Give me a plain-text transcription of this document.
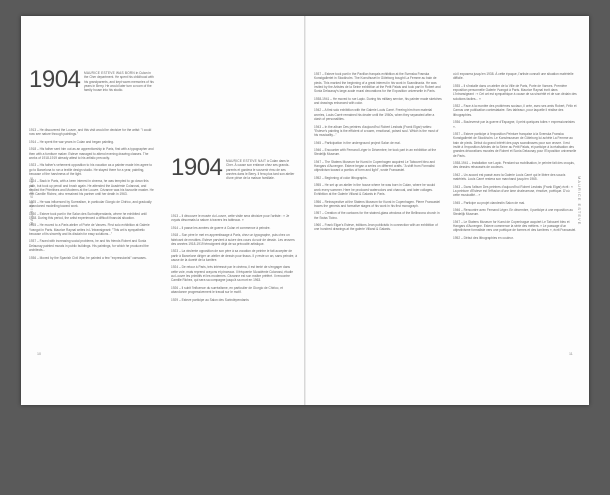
MAURICE ESTEVE
10
1904 MAURICE ESTEVE WAS BORN in Culan in the Cher department. He spent his childhood with his grandparents, and kept warm memories of his years in Berry. He would later turn a room of the family house into his studio.
1913 – He discovered the Louvre, and this visit would be decisive for the artist: "I could now see nature through paintings."
1914 – He spent the war years in Culan and began painting.
1918 – His father sent him out as an apprenticeship in Paris, first with a typographer and then with a furniture maker. Esteve managed to attend evening drawing classes. The works of 1918-1919 already attest to his artistic precocity.
1923 – His father's vehement opposition to his vocation as a painter made him agree to go to Barcelona to run a textile design studio. He stayed there for a year, painting, because of the harshness of the light.
1924 – Back in Paris, with a keen interest in cinema, he was tempted to go down this path, but took up pencil and brush again. He attended the Académie Colarossi, and studied the Primitives and Moderns at the Louvre. Cézanne was his favourite master. He met Camille Richez, who remained his partner until her death in 1963.
1925 – He was influenced by Surrealism, in particular Giorgio de Chirico, and gradually abandoned modelling toward work.
1930 – Esteve took part in the Salon des Surindépendants, where he exhibited until 1938. During this period, the artist experienced a difficult financial situation.
1935 – He moved to a Paris atelier of Porte de Vanves. First solo exhibition at Galerie Yvangot in Paris. Maurice Raynal writes in L'Intransigeant: "This art is sympathetic because of its sincerity and its disdain for easy solutions..."
1937 – Faced with increasing social problems, he and his friends Robert and Sonia Delaunay painted murals in public buildings. His paintings, for which he produced the architects...
1936 – Moved by the Spanish Civil War, he painted a few "expressionist" canvases.
1904 MAURICE ESTEVE NAIT à Culan dans le Cher. À cause son enfance chez ses grands-parents et gardera le souvenir ému de ses années dans le Berry. Il fera plus tard son atelier d'une pièce de la maison familiale.
1913 – Il découvre le musée du Louvre, cette visite sera décisive pour l'artiste : « Je voyais désormais la nature à travers les tableaux. »
1914 – Il passe les années de guerre à Culan et commence à peindre.
1918 – Son père le met en apprentissage à Paris, chez un typographe, puis chez un fabricant de meubles. Esteve parvient à suivre des cours du soir de dessin. Les œuvres des années 1918-1919 témoignent déjà de sa précocité artistique.
1923 – La virulente opposition de son père à sa vocation de peintre le fait accepter de partir à Barcelone diriger un atelier de dessin pour tissus. Il y reste un an, sans peindre, à cause de la dureté de la lumière.
1924 – De retour à Paris, très intéressé par le cinéma, il est tenté de s'engager dans cette voie, mais reprend crayons et pinceaux. Il fréquente l'Académie Colarossi, étudie au Louvre les primitifs et les modernes. Cézanne est son maître préféré. Il rencontre Camille Richez, qui sera sa compagne jusqu'à sa mort en 1963.
1926 – Il subit l'influence du surréalisme, en particulier de Giorgio de Chirico, et abandonne progressivement le travail sur le motif.
1929 – Esteve participe au Salon des Surindépendants
1937 – Esteve took part in the Pavillon français exhibition at the Svenska Franska Konstgalleriet in Stockholm. The Konsthuset in Göteborg bought La Femme au bain de pieds. This marked the beginning of a great interest in his work in Scandinavia. He was invited by the Artistes de la Seine exhibition at the Petit Palais and took part in Robert and Sonia Delaunay's large-scale mural decorations for the Exposition universelle in Paris.
1938-1941 – He moved to rue Lapic. During his military service, his painter made sketches and drawings enhanced with color.
1942 – A first solo exhibition with the Galerie Louis Carré. Freeing him from material worries, Louis Carré remained his dealer until the 1960s, when they separated after a clash of personalities.
1943 – In the album Des peintres d'aujourd'hui Robert Lesbats (Frank Elgar) writes: "Esteve's painting is the efficient of a warm, emotional, poised soul. Which is the most of his musicality..."
1945 – Participation in the underground project Salon de mai.
1946 – Encounter with Fernand Léger in Décembre; he took part in an exhibition at the Stedelijk Museum.
1947 – The Statens Museum for Kunst in Copenhagen acquired Le Tabouret bleu and Hangars d'Auvergne. Esteve began a series on different crafts. "A shift from Formalist objectivism toward a poetics of form and light", wrote Francastel.
1952 – Beginning of color lithographs.
1955 – He set up an atelier in the house where he was born in Culan, where he would work every summer. Here he produced watercolors and charcoal, and later collages. Exhibition at the Galerie Villand & Galanis in Paris.
1956 – Retrospective at the Statens Museum for Kunst in Copenhagen. Pierre Francastel traces the genesis and formative stages of his work in his first monograph.
1957 – Creation of the cartoons for the stained-glass windows of the Bellinzona church in the Swiss Ticino.
1960 – Frank Elgar's Esteve, éditions Jean publicistic in connection with an exhibition of one hundred drawings at the galerie Villand & Galanis.
où il exposera jusqu'en 1938. À cette époque, l'artiste connaît une situation matérielle difficile.
1935 – Il s'installe dans un atelier de la Ville de Paris, Porte de Vanves. Première exposition personnelle Galerie Yvangot à Paris. Maurice Raynal écrit dans L'Intransigeant : « Cet art est sympathique à cause de sa sincérité et de son dédain des solutions faciles... »
1932 – Face à la montée des problèmes sociaux, il crée, avec ses amis Robert, Félix et Camus une publication contestataire. Ses tableaux, pour laquelle il réalise des lithographies.
1936 – Bouleversé par la guerre d'Espagne, il peint quelques toiles « expressionnistes ».
1937 – Esteve participe à l'exposition Peinture française à la Svenska Franska Konstgalleriet de Stockholm. Le Konstmuseum de Göteborg lui achète La Femme au bain de pieds. Début du grand intérêt des pays scandinaves pour son œuvre. Il est invité à l'exposition Artistes de la Seine au Petit Palais, et participe à la réalisation des grandes décorations murales de Robert et Sonia Delaunay pour l'Exposition universelle de Paris.
1938-1941 – Installation rue Lapic. Pendant sa mobilisation, le peintre fait des croquis, des dessins rehaussés de couleurs.
1942 – Un accord est passé avec la Galerie Louis Carré qui le libère des soucis matériels. Louis Carré restera son marchand jusqu'en 1965.
1943 – Dans l'album Des peintres d'aujourd'hui Robert Lesbats (Frank Elgar) écrit : « La peinture d'Esteve est l'effusion d'une âme chaleureuse, émotive, poétique. D'où cette musicalité... »
1945 – Participe au projet clandestin Salon de mai.
1946 – Rencontre avec Fernand Léger. En décembre, il participe à une exposition au Stedelijk Museum.
1947 – Le Statens Museum for Kunst de Copenhague acquiert Le Tabouret bleu et Hangars d'Auvergne. Esteve commence la série des métiers. « Le passage d'un objectivisme formaliste vers une poétique de formes et des lumières », écrit Francastel.
1952 – Début des lithographies en couleur.
MAURICE ESTEVE
11
